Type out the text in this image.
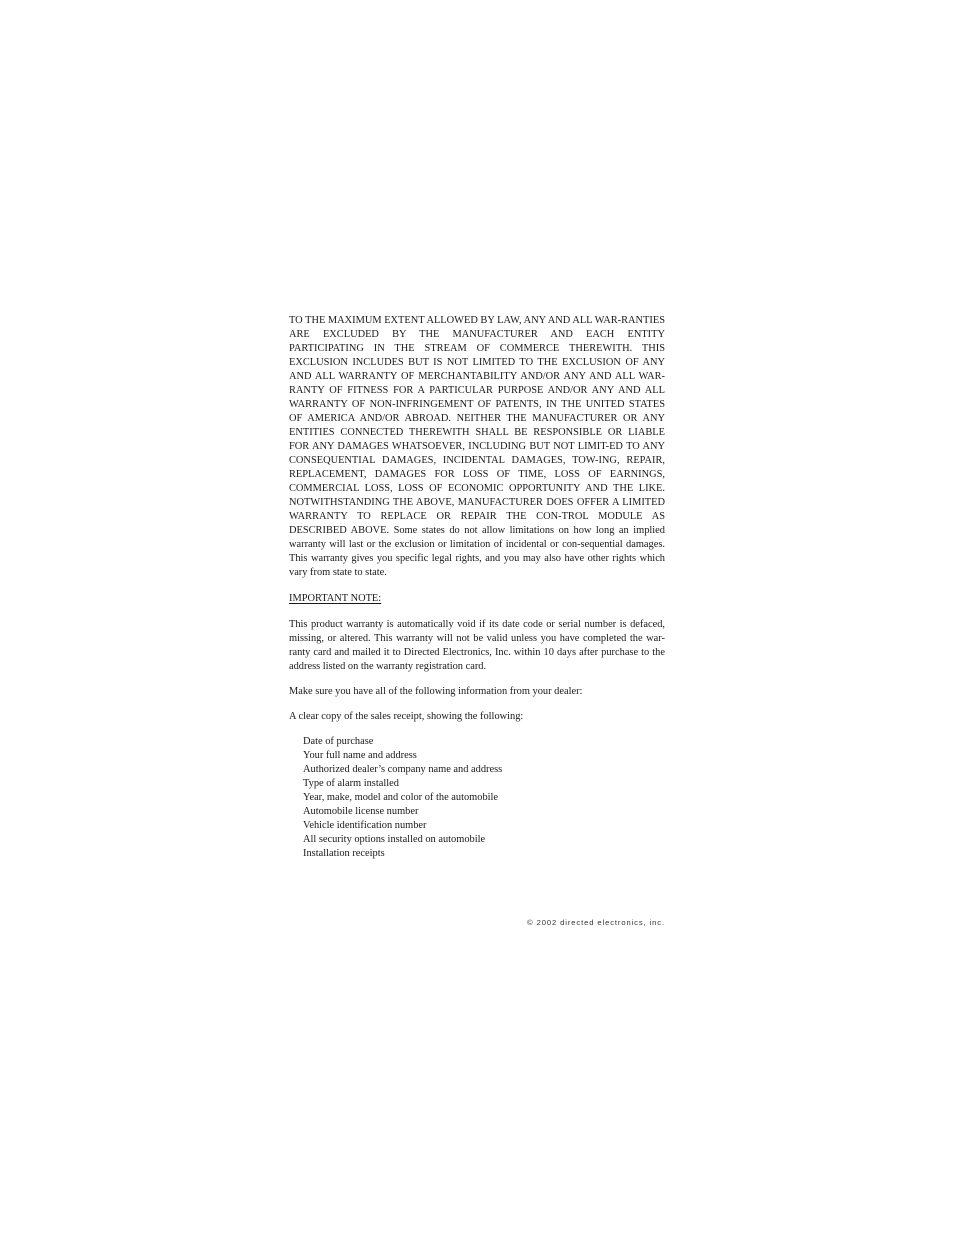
TO THE MAXIMUM EXTENT ALLOWED BY LAW, ANY AND ALL WAR-RANTIES ARE EXCLUDED BY THE MANUFACTURER AND EACH ENTITY PARTICIPATING IN THE STREAM OF COMMERCE THEREWITH. THIS EXCLUSION INCLUDES BUT IS NOT LIMITED TO THE EXCLUSION OF ANY AND ALL WARRANTY OF MERCHANTABILITY AND/OR ANY AND ALL WAR-RANTY OF FITNESS FOR A PARTICULAR PURPOSE AND/OR ANY AND ALL WARRANTY OF NON-INFRINGEMENT OF PATENTS, IN THE UNITED STATES OF AMERICA AND/OR ABROAD. NEITHER THE MANUFACTURER OR ANY ENTITIES CONNECTED THEREWITH SHALL BE RESPONSIBLE OR LIABLE FOR ANY DAMAGES WHATSOEVER, INCLUDING BUT NOT LIMIT-ED TO ANY CONSEQUENTIAL DAMAGES, INCIDENTAL DAMAGES, TOW-ING, REPAIR, REPLACEMENT, DAMAGES FOR LOSS OF TIME, LOSS OF EARNINGS, COMMERCIAL LOSS, LOSS OF ECONOMIC OPPORTUNITY AND THE LIKE. NOTWITHSTANDING THE ABOVE, MANUFACTURER DOES OFFER A LIMITED WARRANTY TO REPLACE OR REPAIR THE CON-TROL MODULE AS DESCRIBED ABOVE. Some states do not allow limitations on how long an implied warranty will last or the exclusion or limitation of incidental or con-sequential damages. This warranty gives you specific legal rights, and you may also have other rights which vary from state to state.

IMPORTANT NOTE:

This product warranty is automatically void if its date code or serial number is defaced, missing, or altered. This warranty will not be valid unless you have completed the war-ranty card and mailed it to Directed Electronics, Inc. within 10 days after purchase to the address listed on the warranty registration card.

Make sure you have all of the following information from your dealer:

A clear copy of the sales receipt, showing the following:

Date of purchase
Your full name and address
Authorized dealer’s company name and address
Type of alarm installed
Year, make, model and color of the automobile
Automobile license number
Vehicle identification number
All security options installed on automobile
Installation receipts
© 2002 directed electronics, inc.
